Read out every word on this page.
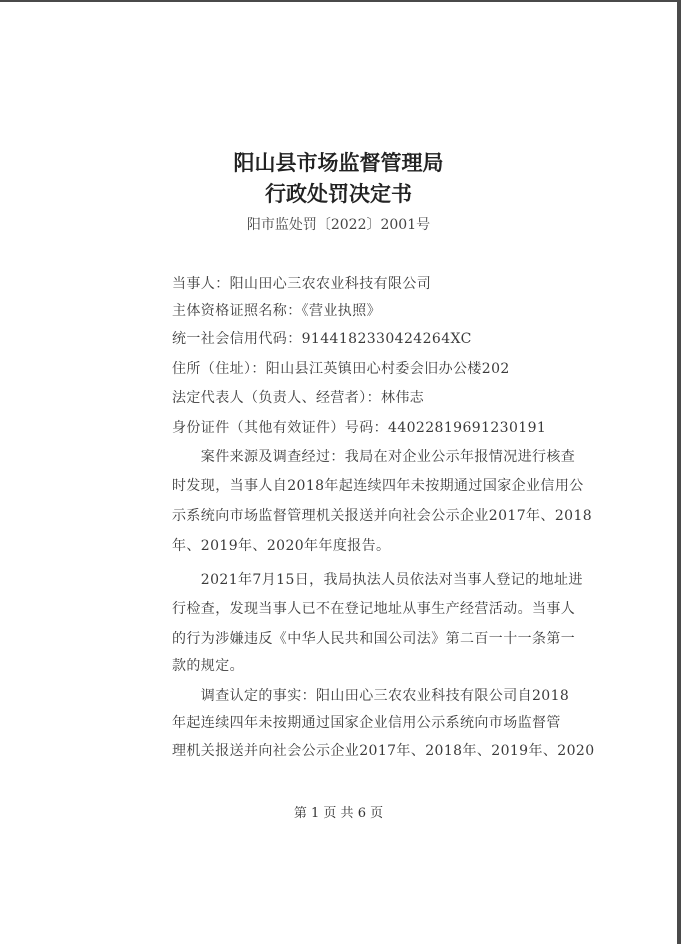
阳山县市场监督管理局
行政处罚决定书
阳市监处罚〔2022〕2001号
当事人：阳山田心三农农业科技有限公司
主体资格证照名称：《营业执照》
统一社会信用代码：9144182330424264XC
住所（住址）：阳山县江英镇田心村委会旧办公楼202
法定代表人（负责人、经营者）：林伟志
身份证件（其他有效证件）号码：44022819691230191
　　案件来源及调查经过：我局在对企业公示年报情况进行核查
时发现，当事人自2018年起连续四年未按期通过国家企业信用公
示系统向市场监督管理机关报送并向社会公示企业2017年、2018
年、2019年、2020年年度报告。
　　2021年7月15日，我局执法人员依法对当事人登记的地址进
行检查，发现当事人已不在登记地址从事生产经营活动。当事人
的行为涉嫌违反《中华人民共和国公司法》第二百一十一条第一
款的规定。
　　调查认定的事实：阳山田心三农农业科技有限公司自2018
年起连续四年未按期通过国家企业信用公示系统向市场监督管
理机关报送并向社会公示企业2017年、2018年、2019年、2020
第 1 页 共 6 页
